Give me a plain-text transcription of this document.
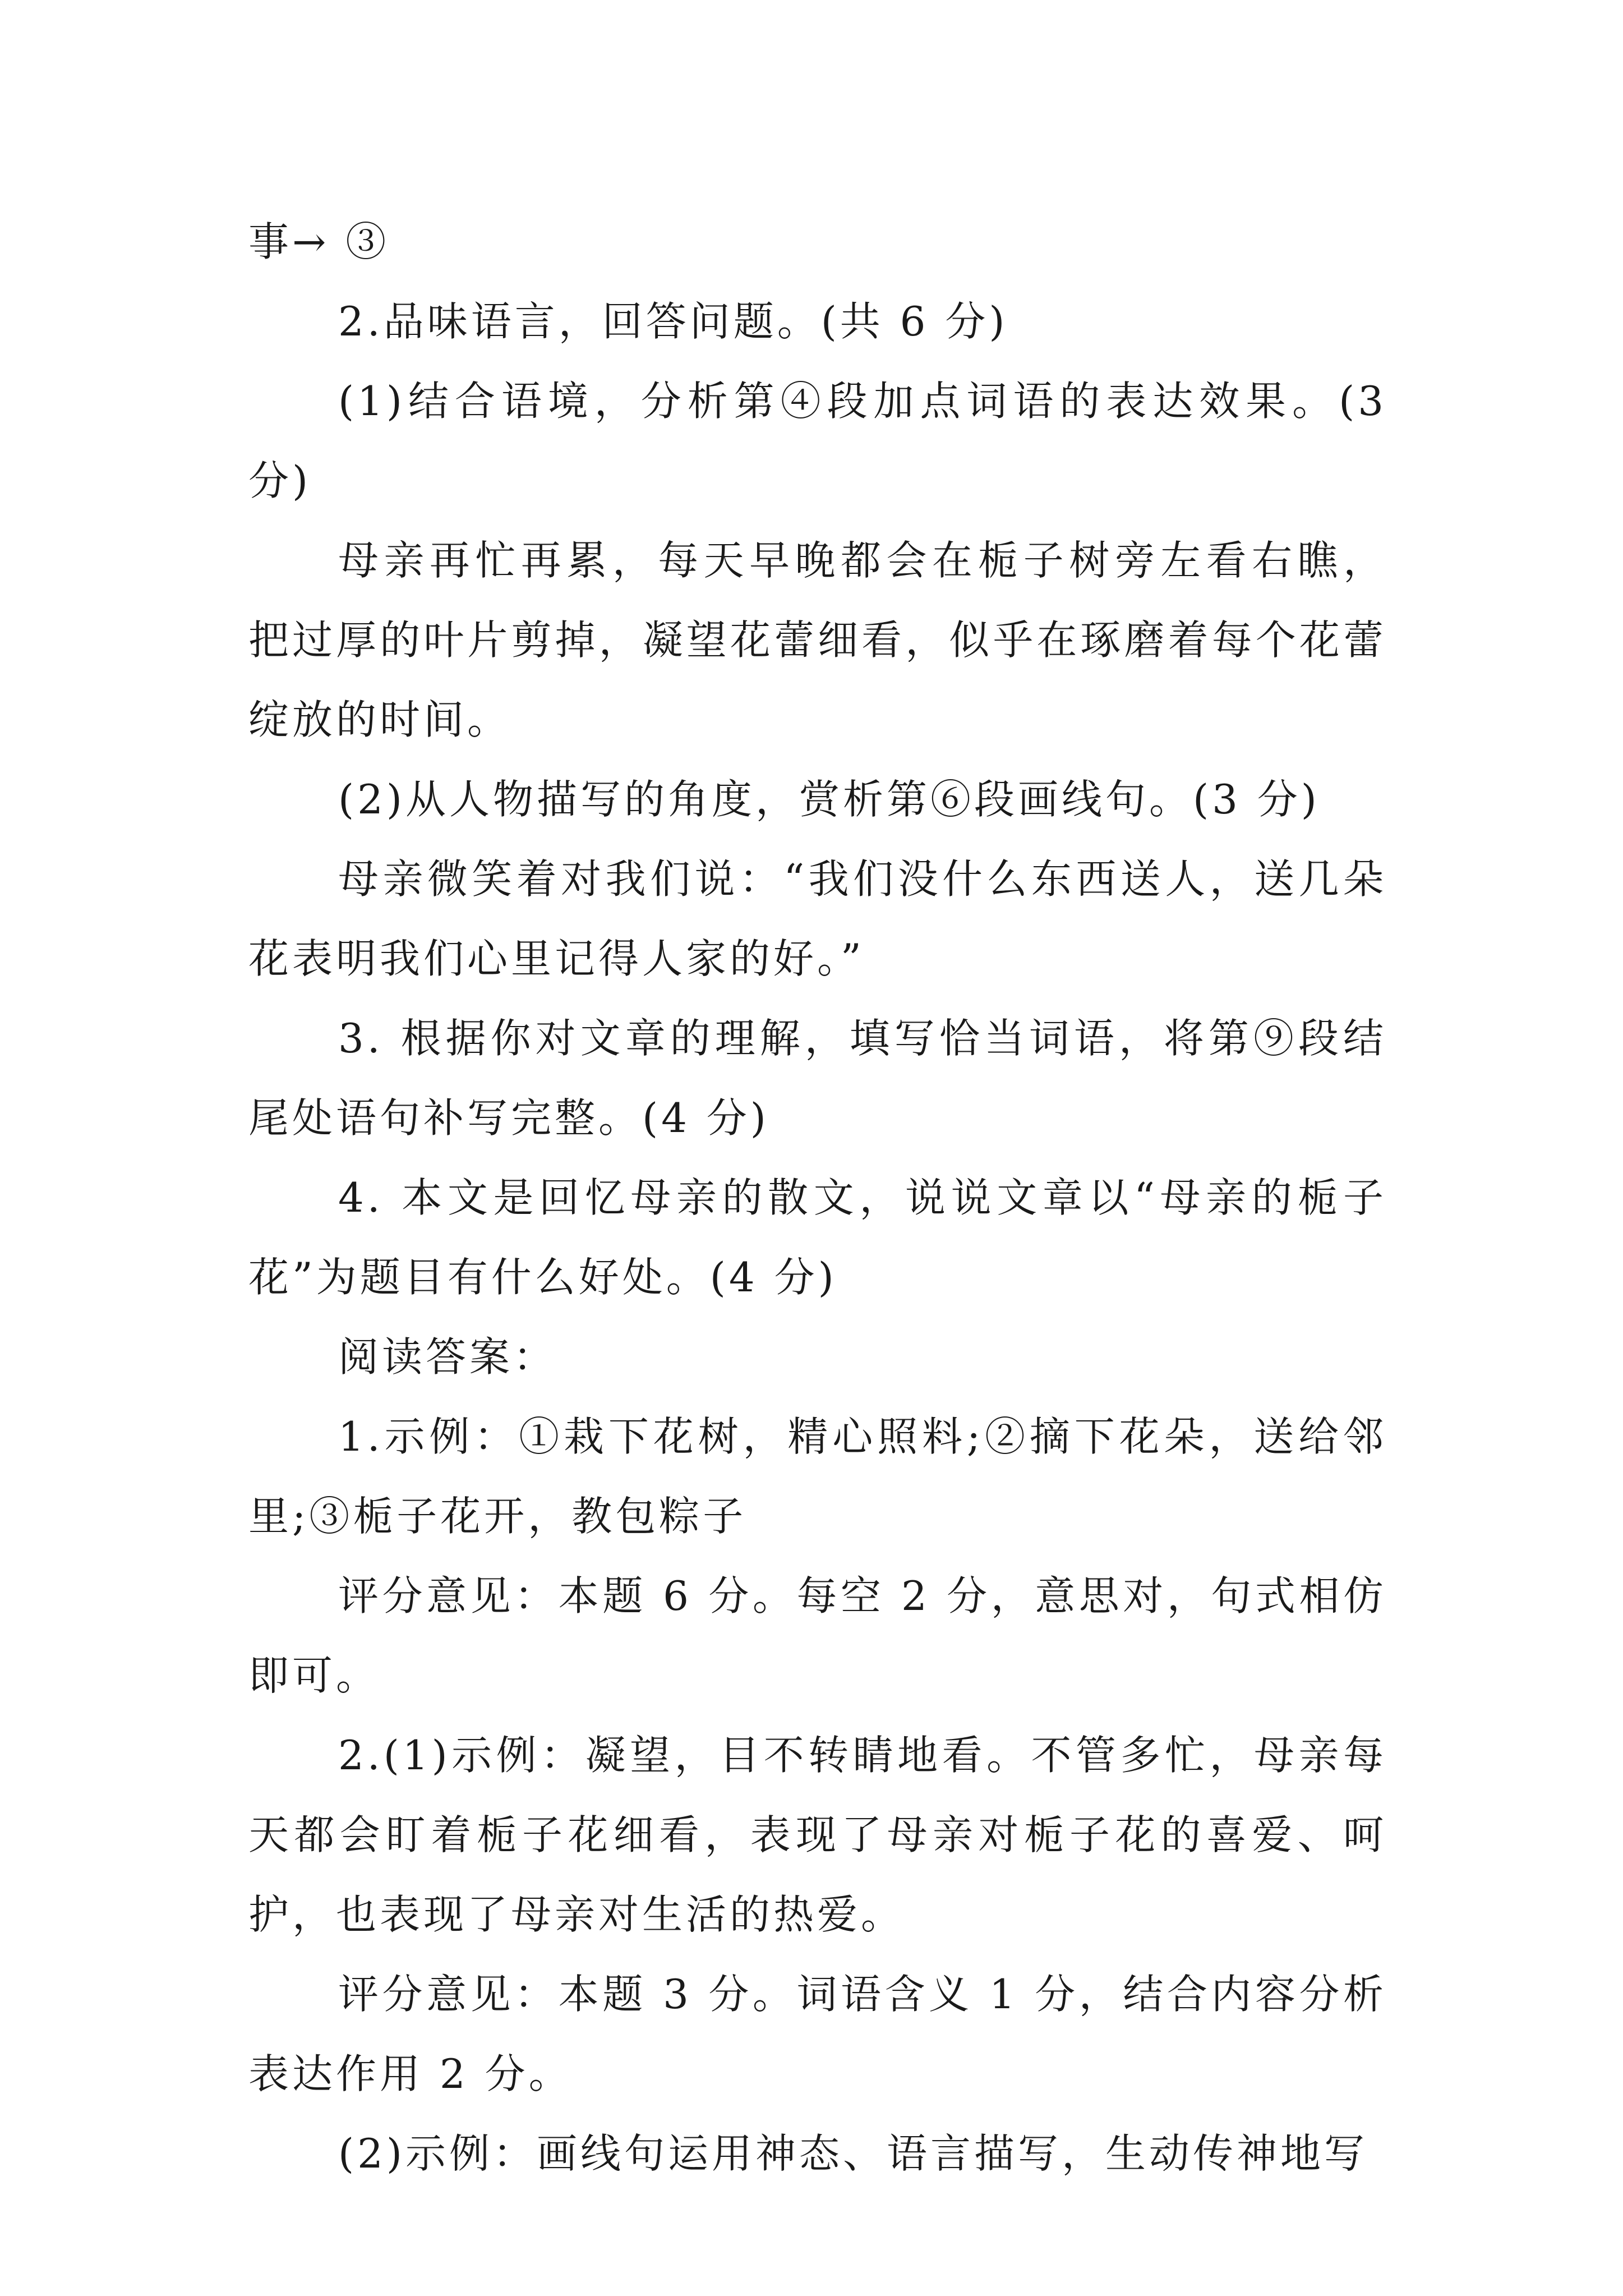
事→ ③

2.品味语言，回答问题。(共 6 分)

(1)结合语境，分析第④段加点词语的表达效果。(3 分)

母亲再忙再累，每天早晚都会在栀子树旁左看右瞧，把过厚的叶片剪掉，凝望花蕾细看，似乎在琢磨着每个花蕾绽放的时间。

(2)从人物描写的角度，赏析第⑥段画线句。(3 分)

母亲微笑着对我们说：“我们没什么东西送人，送几朵花表明我们心里记得人家的好。”

3. 根据你对文章的理解，填写恰当词语，将第⑨段结尾处语句补写完整。(4 分)

4. 本文是回忆母亲的散文，说说文章以“母亲的栀子花”为题目有什么好处。(4 分)

阅读答案：

1.示例：①栽下花树，精心照料;②摘下花朵，送给邻里;③栀子花开，教包粽子

评分意见：本题 6 分。每空 2 分，意思对，句式相仿即可。

2.(1)示例：凝望，目不转睛地看。不管多忙，母亲每天都会盯着栀子花细看，表现了母亲对栀子花的喜爱、呵护，也表现了母亲对生活的热爱。

评分意见：本题 3 分。词语含义 1 分，结合内容分析表达作用 2 分。

(2)示例：画线句运用神态、语言描写，生动传神地写
